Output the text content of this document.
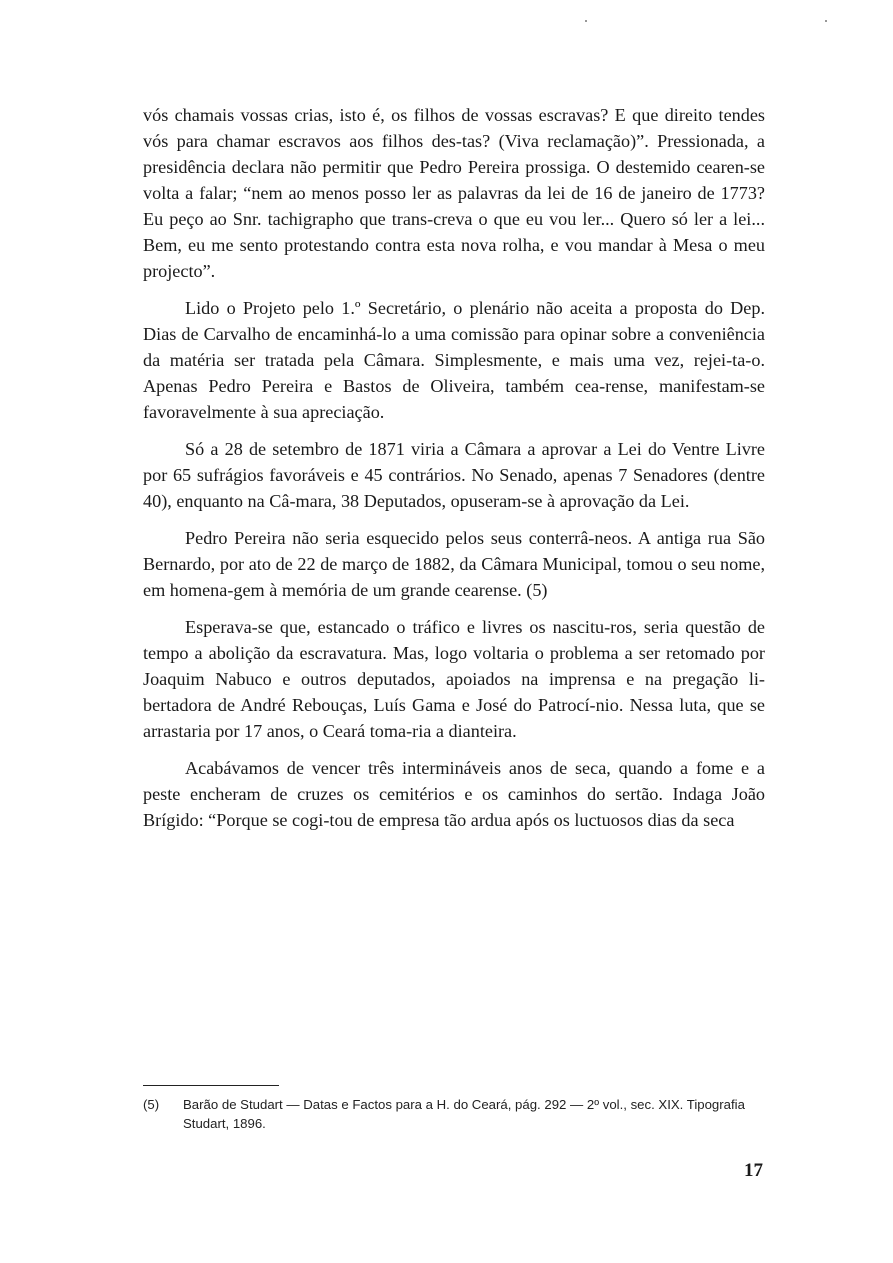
vós chamais vossas crias, isto é, os filhos de vossas escravas? E que direito tendes vós para chamar escravos aos filhos des-tas? (Viva reclamação)”. Pressionada, a presidência declara não permitir que Pedro Pereira prossiga. O destemido cearen-se volta a falar; “nem ao menos posso ler as palavras da lei de 16 de janeiro de 1773? Eu peço ao Snr. tachigrapho que trans-creva o que eu vou ler... Quero só ler a lei... Bem, eu me sento protestando contra esta nova rolha, e vou mandar à Mesa o meu projecto”.

Lido o Projeto pelo 1.º Secretário, o plenário não aceita a proposta do Dep. Dias de Carvalho de encaminhá-lo a uma comissão para opinar sobre a conveniência da matéria ser tratada pela Câmara. Simplesmente, e mais uma vez, rejei-ta-o. Apenas Pedro Pereira e Bastos de Oliveira, também cea-rense, manifestam-se favoravelmente à sua apreciação.

Só a 28 de setembro de 1871 viria a Câmara a aprovar a Lei do Ventre Livre por 65 sufrágios favoráveis e 45 contrários. No Senado, apenas 7 Senadores (dentre 40), enquanto na Câ-mara, 38 Deputados, opuseram-se à aprovação da Lei.

Pedro Pereira não seria esquecido pelos seus conterrâ-neos. A antiga rua São Bernardo, por ato de 22 de março de 1882, da Câmara Municipal, tomou o seu nome, em homena-gem à memória de um grande cearense. (5)

Esperava-se que, estancado o tráfico e livres os nascitu-ros, seria questão de tempo a abolição da escravatura. Mas, logo voltaria o problema a ser retomado por Joaquim Nabuco e outros deputados, apoiados na imprensa e na pregação li-bertadora de André Rebouças, Luís Gama e José do Patrocí-nio. Nessa luta, que se arrastaria por 17 anos, o Ceará toma-ria a dianteira.

Acabávamos de vencer três intermináveis anos de seca, quando a fome e a peste encheram de cruzes os cemitérios e os caminhos do sertão. Indaga João Brígido: “Porque se cogi-tou de empresa tão ardua após os luctuosos dias da seca

(5) Barão de Studart — Datas e Factos para a H. do Ceará, pág. 292 — 2º vol., sec. XIX. Tipografia Studart, 1896.
17
